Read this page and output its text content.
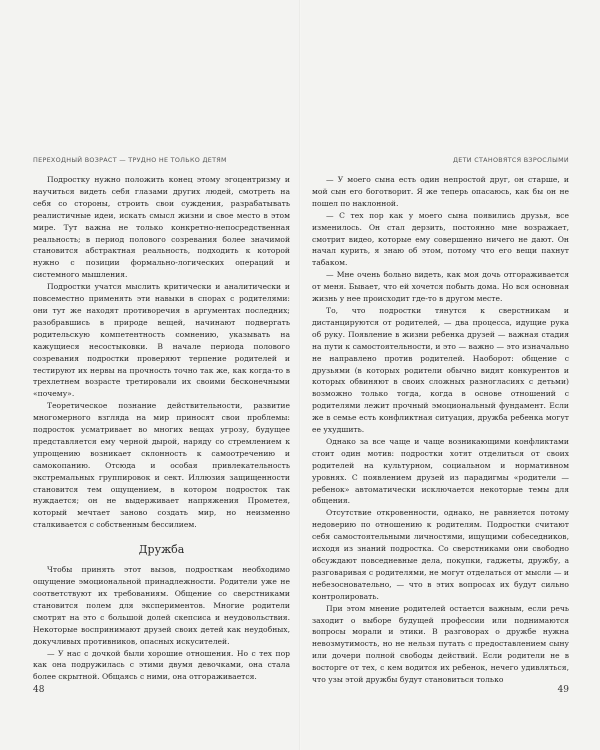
ПЕРЕХОДНЫЙ ВОЗРАСТ — ТРУДНО НЕ ТОЛЬКО ДЕТЯМ

Подростку нужно положить конец этому эгоцентризму и научиться видеть себя глазами других людей, смотреть на себя со стороны, строить свои суждения, разрабатывать реалистичные идеи, искать смысл жизни и свое место в этом мире. Тут важна не только конкретно-непосредственная реальность; в период полового созревания более значимой становится абстрактная реальность, подходить к которой нужно с позиции формально-логических операций и системного мышления.

Подростки учатся мыслить критически и аналитически и повсеместно применять эти навыки в спорах с родителями: они тут же находят противоречия в аргументах последних; разобравшись в природе вещей, начинают подвергать родительскую компетентность сомнению, указывать на кажущиеся несостыковки. В начале периода полового созревания подростки проверяют терпение родителей и тестируют их нервы на прочность точно так же, как когда-то в трехлетнем возрасте третировали их своими бесконечными «почему».

Теоретическое познание действительности, развитие многомерного взгляда на мир приносят свои проблемы: подросток усматривает во многих вещах угрозу, будущее представляется ему черной дырой, наряду со стремлением к упрощению возникает склонность к самоотречению и самокопанию. Отсюда и особая привлекательность экстремальных группировок и сект. Иллюзия защищенности становится тем ощущением, в котором подросток так нуждается; он не выдерживает напряжения Прометея, который мечтает заново создать мир, но неизменно сталкивается с собственным бессилием.

Дружба

Чтобы принять этот вызов, подросткам необходимо ощущение эмоциональной принадлежности. Родители уже не соответствуют их требованиям. Общение со сверстниками становится полем для экспериментов. Многие родители смотрят на это с большой долей скепсиса и неудовольствия. Некоторые воспринимают друзей своих детей как неудобных, докучливых противников, опасных искусителей.

— У нас с дочкой были хорошие отношения. Но с тех пор как она подружилась с этими двумя девочками, она стала более скрытной. Общаясь с ними, она отгораживается.

48
ДЕТИ СТАНОВЯТСЯ ВЗРОСЛЫМИ

— У моего сына есть один непростой друг, он старше, и мой сын его боготворит. Я жe теперь опасаюсь, как бы он не пошел по наклонной.

— С тех пор как у моего сына появились друзья, все изменилось. Он стал дерзить, постоянно мне возражает, смотрит видео, которые ему совершенно ничего не дают. Он начал курить, я знаю об этом, потому что его вещи пахнут табаком.

— Мне очень больно видеть, как моя дочь отгораживается от меня. Бывает, что ей хочется побыть дома. Но вся основная жизнь у нее происходит где-то в другом месте.

То, что подростки тянутся к сверстникам и дистанцируются от родителей, — два процесса, идущие рука об руку. Появление в жизни ребенка друзей — важная стадия на пути к самостоятельности, и это — важно — это изначально не направлено против родителей. Наоборот: общение с друзьями (в которых родители обычно видят конкурентов и которых обвиняют в своих сложных разногласиях с детьми) возможно только тогда, когда в основе отношений с родителями лежит прочный эмоциональный фундамент. Если же в семье есть конфликтная ситуация, дружба ребенка могут ее ухудшить.

Однако за все чаще и чаще возникающими конфликтами стоит один мотив: подростки хотят отделиться от своих родителей на культурном, социальном и нормативном уровнях. С появлением друзей из парадигмы «родители — ребенок» автоматически исключается некоторые темы для общения.

Отсутствие откровенности, однако, не равняется потому недоверию по отношению к родителям. Подростки считают себя самостоятельными личностями, ищущими собеседников, исходя из знаний подростка. Со сверстниками они свободно обсуждают повседневные дела, покупки, гаджеты, дружбу, а разговаривая с родителями, не могут отделаться от мысли — и небезосновательно, — что в этих вопросах их будут сильно контролировать.

При этом мнение родителей остается важным, если речь заходит о выборе будущей профессии или поднимаются вопросы морали и этики. В разговорах о дружбе нужна невозмутимость, но не нельзя путать с предоставлением сыну или дочери полной свободы действий. Если родители не в восторге от тех, с кем водится их ребенок, нечего удивляться, что узы этой дружбы будут становиться только

49
